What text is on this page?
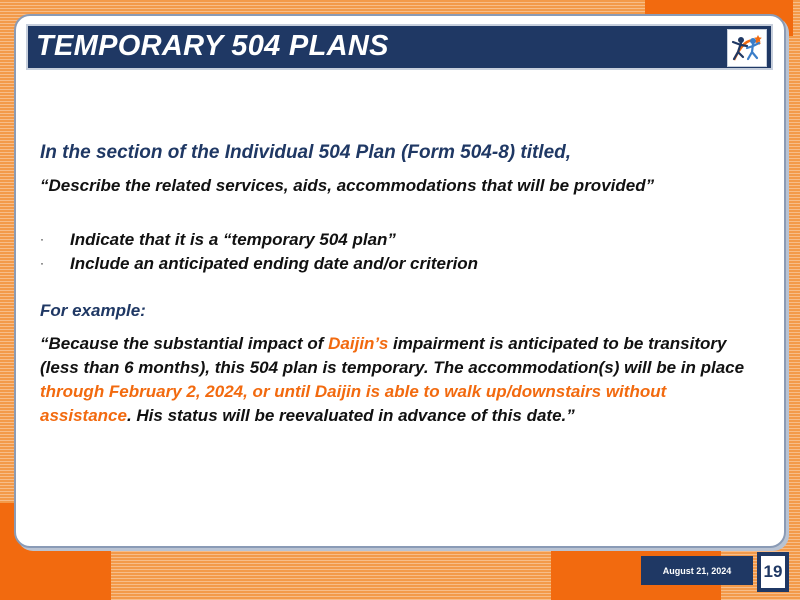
TEMPORARY 504 PLANS

In the section of the Individual 504 Plan (Form 504-8) titled,

“Describe the related services, aids, accommodations that will be provided”

· Indicate that it is a “temporary 504 plan”
· Include an anticipated ending date and/or criterion

For example:

“Because the substantial impact of Daijin’s impairment is anticipated to be transitory (less than 6 months), this 504 plan is temporary. The accommodation(s) will be in place through February 2, 2024, or until Daijin is able to walk up/downstairs without assistance. His status will be reevaluated in advance of this date.”

August 21, 2024	19
